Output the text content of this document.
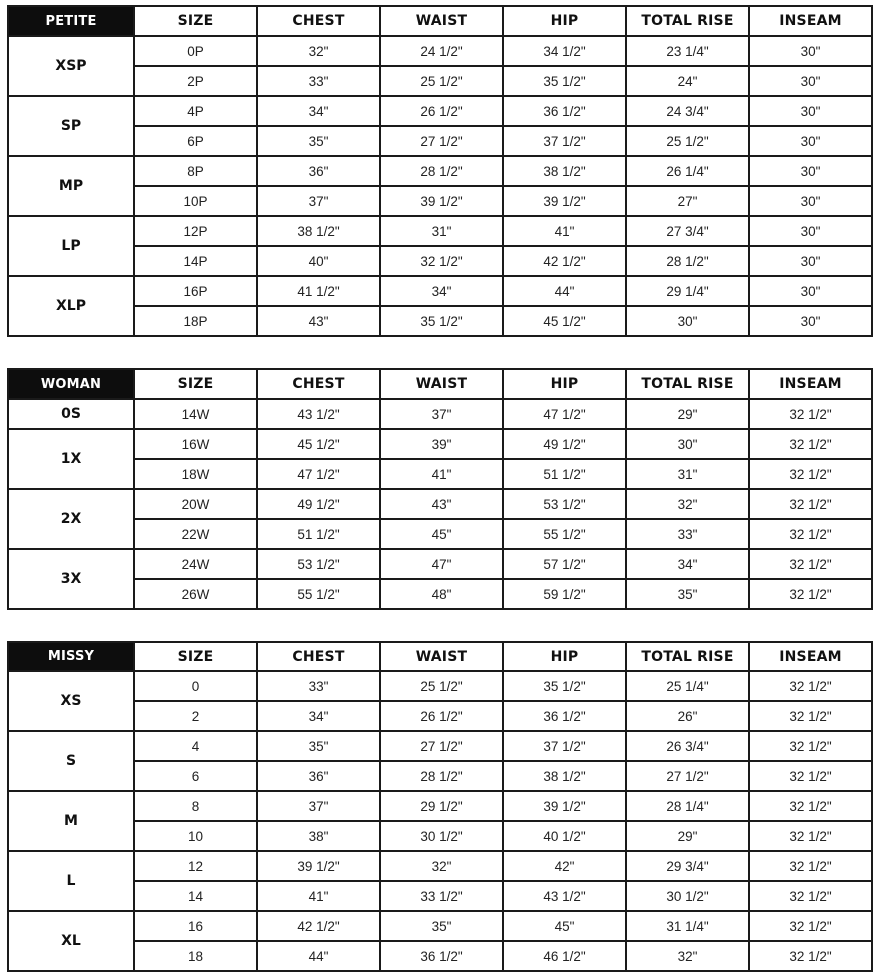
PETITE	SIZE	CHEST	WAIST	HIP	TOTAL RISE	INSEAM
XSP	0P	32"	24 1/2"	34 1/2"	23 1/4"	30"
	2P	33"	25 1/2"	35 1/2"	24"	30"
SP	4P	34"	26 1/2"	36 1/2"	24 3/4"	30"
	6P	35"	27 1/2"	37 1/2"	25 1/2"	30"
MP	8P	36"	28 1/2"	38 1/2"	26 1/4"	30"
	10P	37"	39 1/2"	39 1/2"	27"	30"
LP	12P	38 1/2"	31"	41"	27 3/4"	30"
	14P	40"	32 1/2"	42 1/2"	28 1/2"	30"
XLP	16P	41 1/2"	34"	44"	29 1/4"	30"
	18P	43"	35 1/2"	45 1/2"	30"	30"
WOMAN	SIZE	CHEST	WAIST	HIP	TOTAL RISE	INSEAM
0S	14W	43 1/2"	37"	47 1/2"	29"	32 1/2"
1X	16W	45 1/2"	39"	49 1/2"	30"	32 1/2"
	18W	47 1/2"	41"	51 1/2"	31"	32 1/2"
2X	20W	49 1/2"	43"	53 1/2"	32"	32 1/2"
	22W	51 1/2"	45"	55 1/2"	33"	32 1/2"
3X	24W	53 1/2"	47"	57 1/2"	34"	32 1/2"
	26W	55 1/2"	48"	59 1/2"	35"	32 1/2"
MISSY	SIZE	CHEST	WAIST	HIP	TOTAL RISE	INSEAM
XS	0	33"	25 1/2"	35 1/2"	25 1/4"	32 1/2"
	2	34"	26 1/2"	36 1/2"	26"	32 1/2"
S	4	35"	27 1/2"	37 1/2"	26 3/4"	32 1/2"
	6	36"	28 1/2"	38 1/2"	27 1/2"	32 1/2"
M	8	37"	29 1/2"	39 1/2"	28 1/4"	32 1/2"
	10	38"	30 1/2"	40 1/2"	29"	32 1/2"
L	12	39 1/2"	32"	42"	29 3/4"	32 1/2"
	14	41"	33 1/2"	43 1/2"	30 1/2"	32 1/2"
XL	16	42 1/2"	35"	45"	31 1/4"	32 1/2"
	18	44"	36 1/2"	46 1/2"	32"	32 1/2"
